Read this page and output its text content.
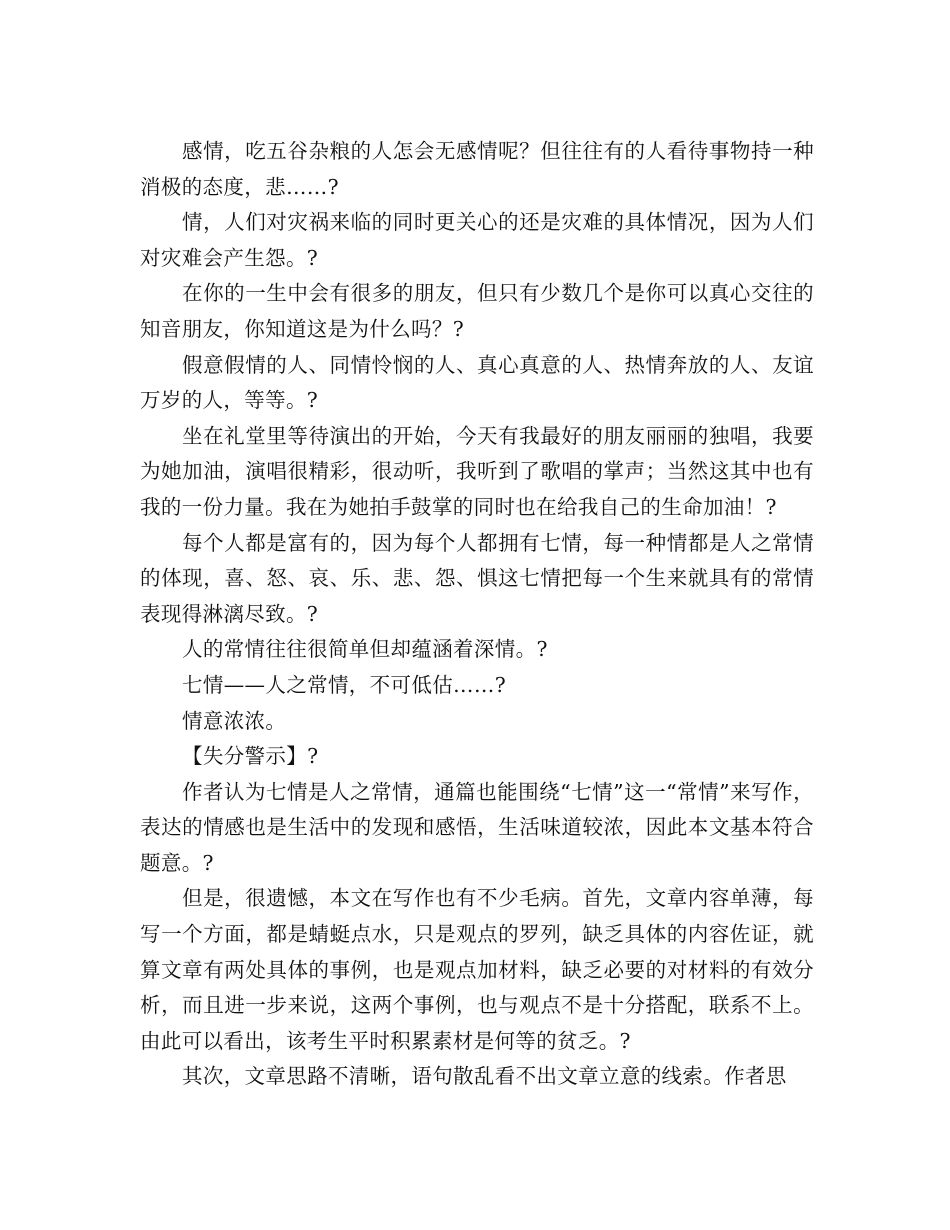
感情，吃五谷杂粮的人怎会无感情呢？但往往有的人看待事物持一种消极的态度，悲……?

情，人们对灾祸来临的同时更关心的还是灾难的具体情况，因为人们对灾难会产生怨。?

在你的一生中会有很多的朋友，但只有少数几个是你可以真心交往的知音朋友，你知道这是为什么吗？?

假意假情的人、同情怜悯的人、真心真意的人、热情奔放的人、友谊万岁的人，等等。?

坐在礼堂里等待演出的开始，今天有我最好的朋友丽丽的独唱，我要为她加油，演唱很精彩，很动听，我听到了歌唱的掌声；当然这其中也有我的一份力量。我在为她拍手鼓掌的同时也在给我自己的生命加油！?

每个人都是富有的，因为每个人都拥有七情，每一种情都是人之常情的体现，喜、怒、哀、乐、悲、怨、惧这七情把每一个生来就具有的常情表现得淋漓尽致。?

人的常情往往很简单但却蕴涵着深情。?

七情——人之常情，不可低估……?

情意浓浓。

【失分警示】?

作者认为七情是人之常情，通篇也能围绕“七情”这一“常情”来写作，表达的情感也是生活中的发现和感悟，生活味道较浓，因此本文基本符合题意。?

但是，很遗憾，本文在写作也有不少毛病。首先，文章内容单薄，每写一个方面，都是蜻蜓点水，只是观点的罗列，缺乏具体的内容佐证，就算文章有两处具体的事例，也是观点加材料，缺乏必要的对材料的有效分析，而且进一步来说，这两个事例，也与观点不是十分搭配，联系不上。由此可以看出，该考生平时积累素材是何等的贫乏。?

其次，文章思路不清晰，语句散乱看不出文章立意的线索。作者思
